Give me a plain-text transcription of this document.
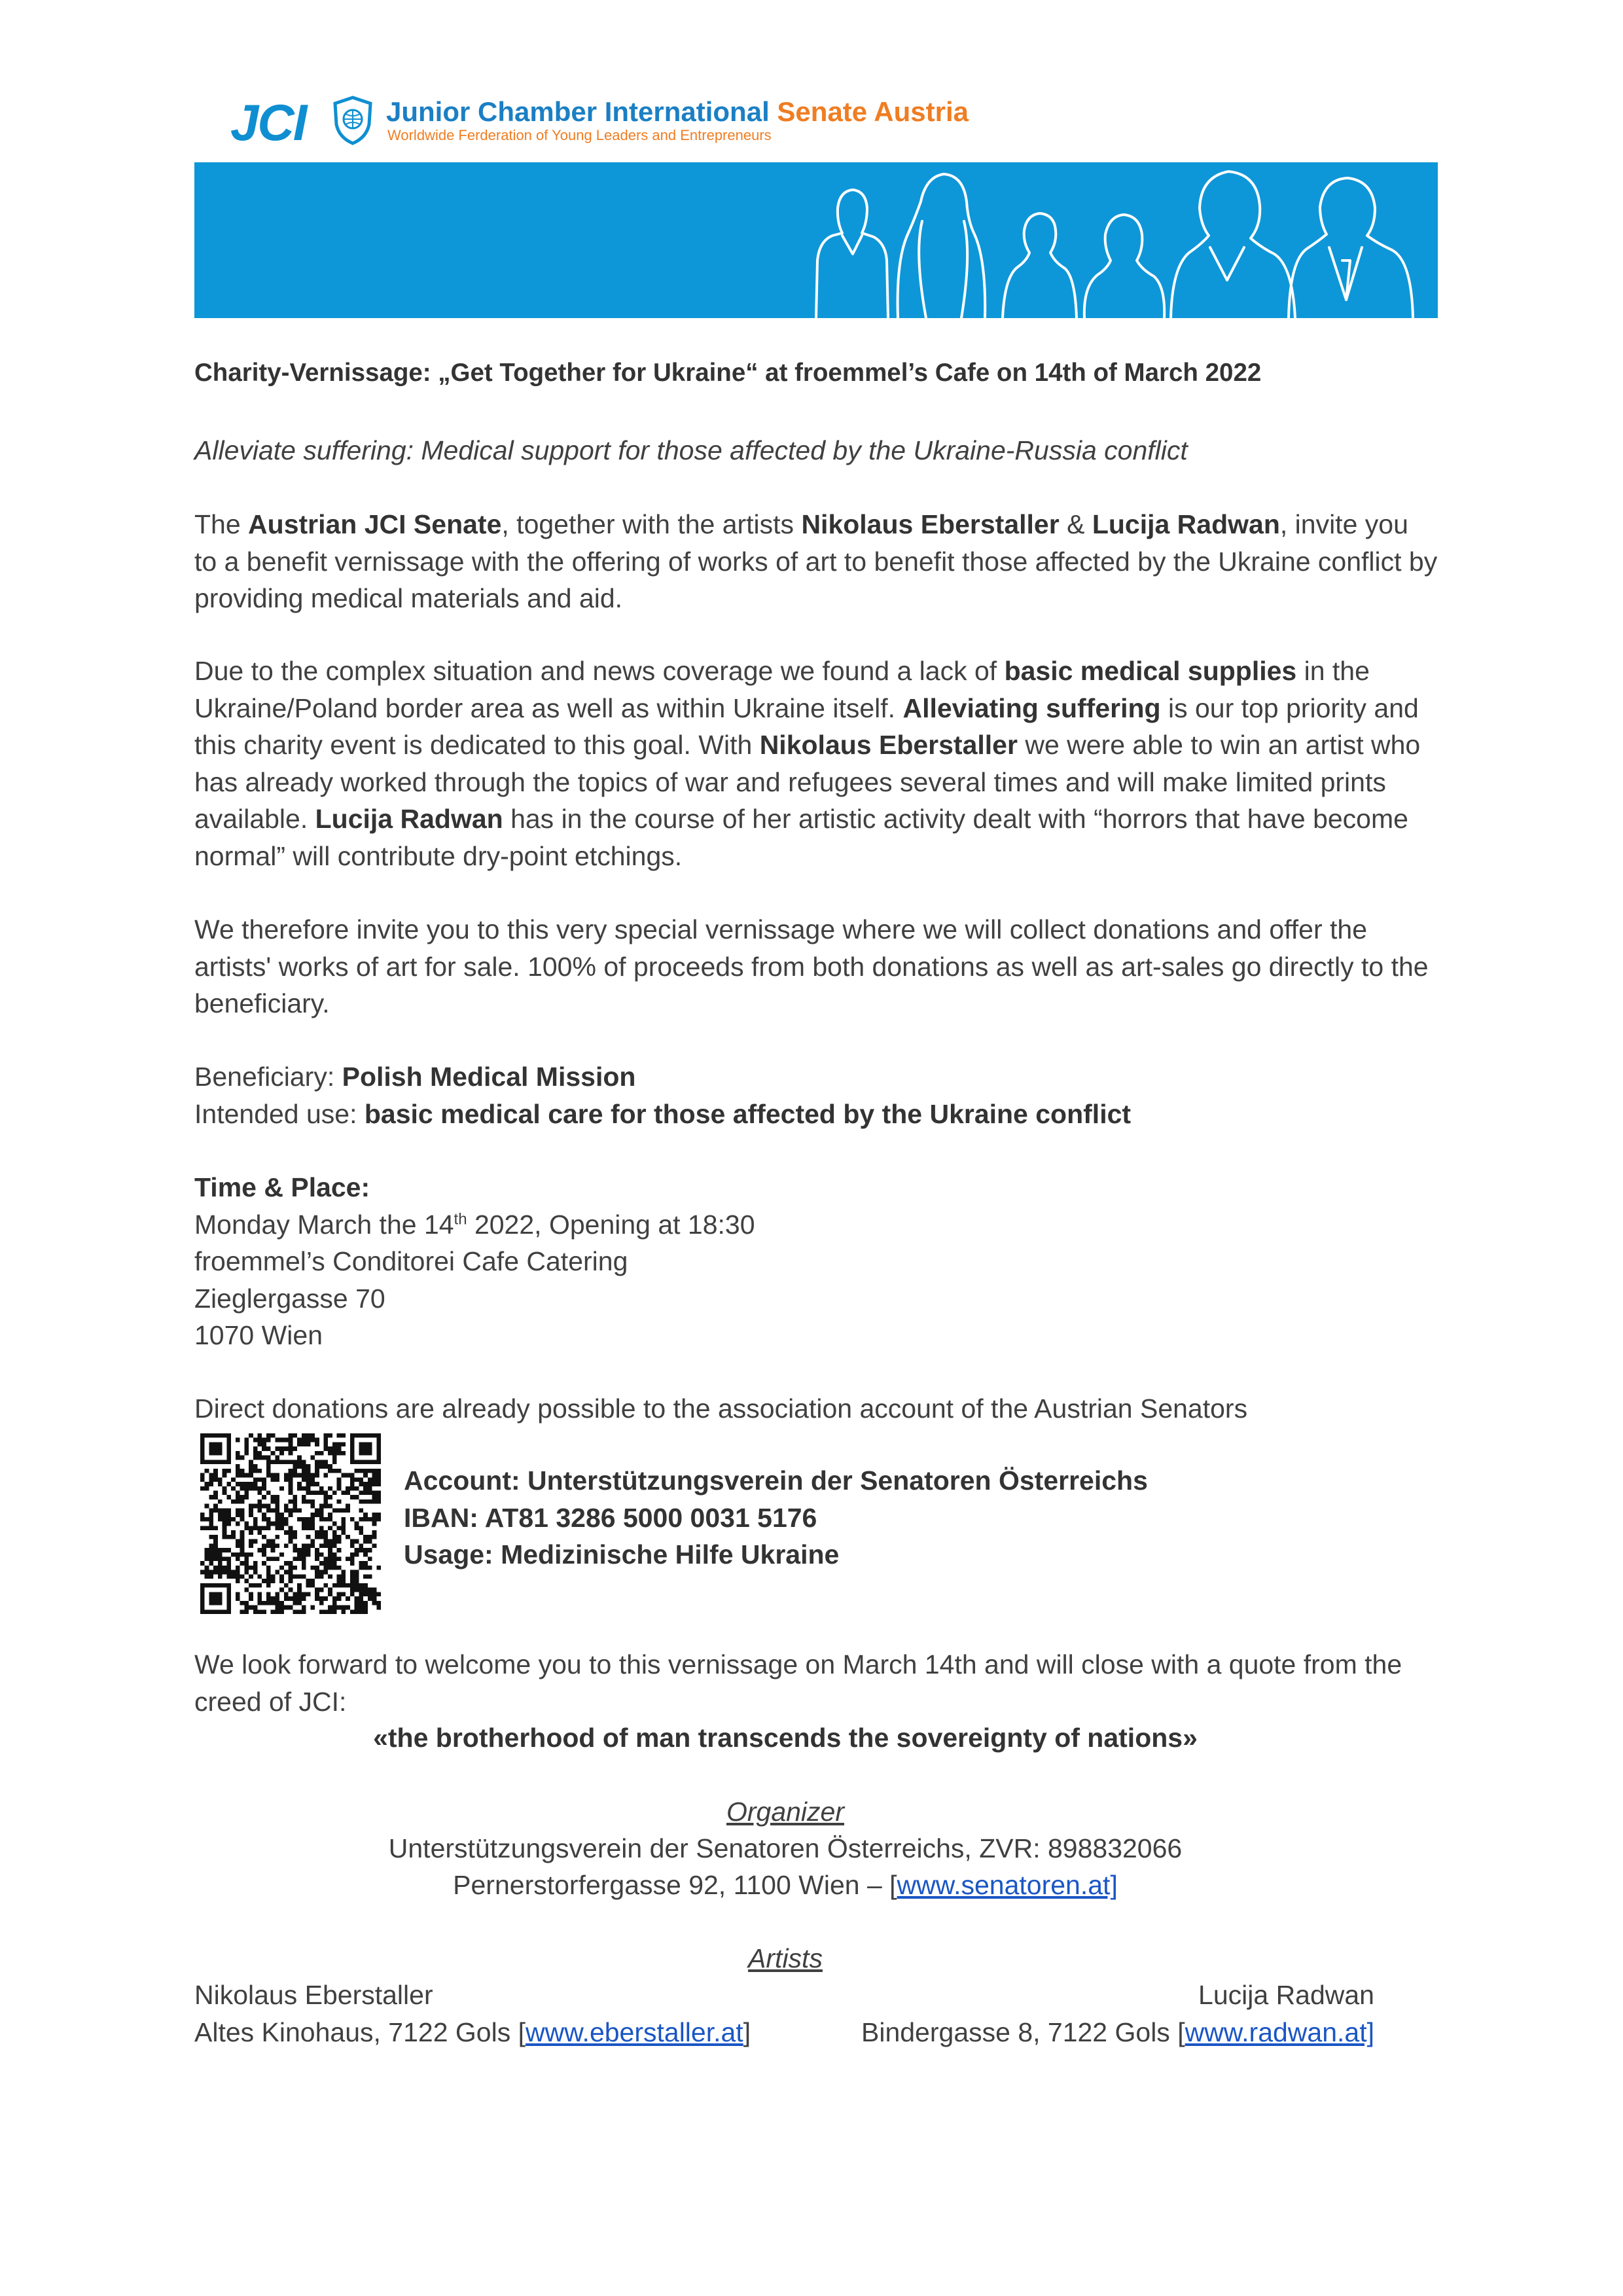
JCI	Junior Chamber International Senate Austria
Worldwide Ferderation of Young Leaders and Entrepreneurs
Charity-Vernissage: „Get Together for Ukraine“ at froemmel’s Cafe on 14th of March 2022
Alleviate suffering: Medical support for those affected by the Ukraine-Russia conflict
The Austrian JCI Senate, together with the artists Nikolaus Eberstaller & Lucija Radwan, invite you to a benefit vernissage with the offering of works of art to benefit those affected by the Ukraine conflict by providing medical materials and aid.
Due to the complex situation and news coverage we found a lack of basic medical supplies in the Ukraine/Poland border area as well as within Ukraine itself. Alleviating suffering is our top priority and this charity event is dedicated to this goal. With Nikolaus Eberstaller we were able to win an artist who has already worked through the topics of war and refugees several times and will make limited prints available. Lucija Radwan has in the course of her artistic activity dealt with “horrors that have become normal” will contribute dry-point etchings.
We therefore invite you to this very special vernissage where we will collect donations and offer the artists' works of art for sale. 100% of proceeds from both donations as well as art-sales go directly to the beneficiary.
Beneficiary: Polish Medical Mission
Intended use: basic medical care for those affected by the Ukraine conflict
Time & Place:
Monday March the 14th 2022, Opening at 18:30
froemmel’s Conditorei Cafe Catering
Zieglergasse 70
1070 Wien
Direct donations are already possible to the association account of the Austrian Senators
Account: Unterstützungsverein der Senatoren Österreichs
IBAN: AT81 3286 5000 0031 5176
Usage: Medizinische Hilfe Ukraine
We look forward to welcome you to this vernissage on March 14th and will close with a quote from the creed of JCI:
«the brotherhood of man transcends the sovereignty of nations»
Organizer
Unterstützungsverein der Senatoren Österreichs, ZVR: 898832066
Pernerstorfergasse 92, 1100 Wien – [www.senatoren.at]
Artists
Nikolaus Eberstaller
Altes Kinohaus, 7122 Gols [www.eberstaller.at]
Lucija Radwan
Bindergasse 8, 7122 Gols [www.radwan.at]
